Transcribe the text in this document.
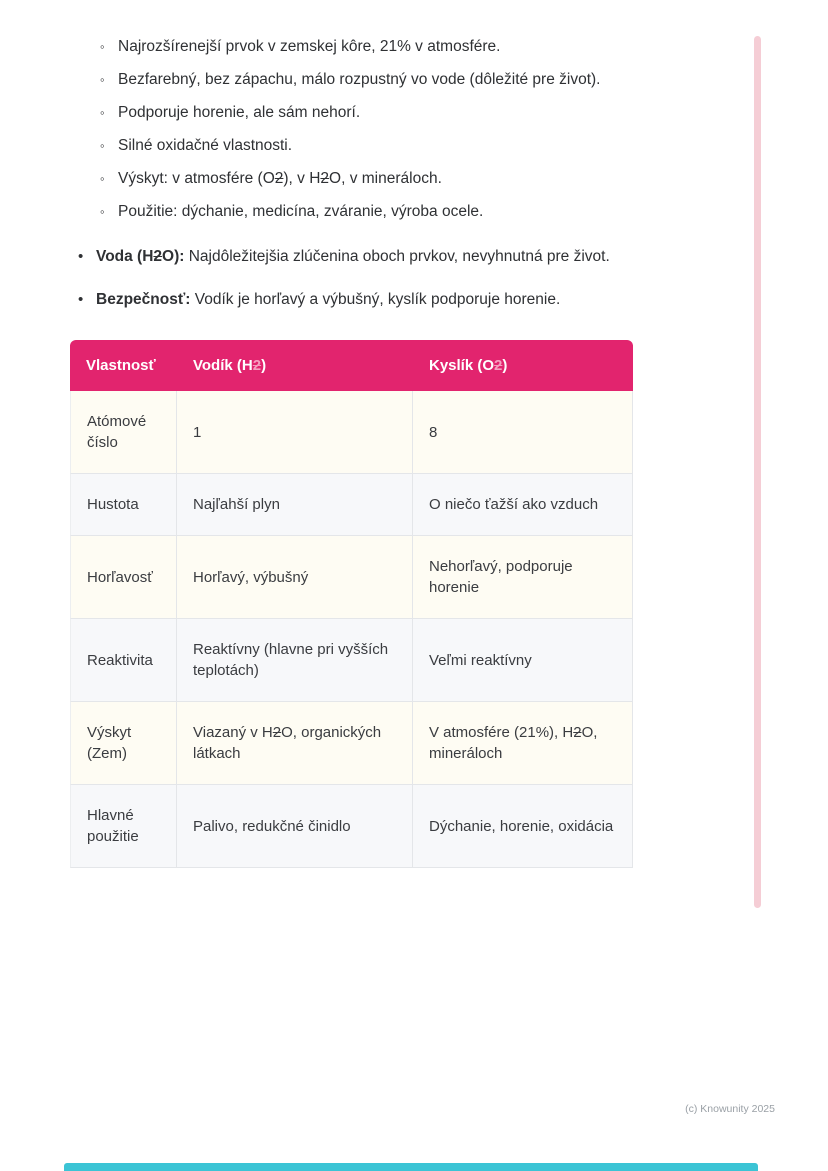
◦ Najrozšírenejší prvok v zemskej kôre, 21% v atmosfére.
◦ Bezfarebný, bez zápachu, málo rozpustný vo vode (dôležité pre život).
◦ Podporuje horenie, ale sám nehorí.
◦ Silné oxidačné vlastnosti.
◦ Výskyt: v atmosfére (O2), v H2O, v mineráloch.
◦ Použitie: dýchanie, medicína, zváranie, výroba ocele.
• Voda (H2O): Najdôležitejšia zlúčenina oboch prvkov, nevyhnutná pre život.
• Bezpečnosť: Vodík je horľavý a výbušný, kyslík podporuje horenie.
Vlastnosť	Vodík (H2)	Kyslík (O2)
Atómové číslo	1	8
Hustota	Najľahší plyn	O niečo ťažší ako vzduch
Horľavosť	Horľavý, výbušný	Nehorľavý, podporuje horenie
Reaktivita	Reaktívny (hlavne pri vyšších teplotách)	Veľmi reaktívny
Výskyt (Zem)	Viazaný v H2O, organických látkach	V atmosfére (21%), H2O, mineráloch
Hlavné použitie	Palivo, redukčné činidlo	Dýchanie, horenie, oxidácia
(c) Knowunity 2025
